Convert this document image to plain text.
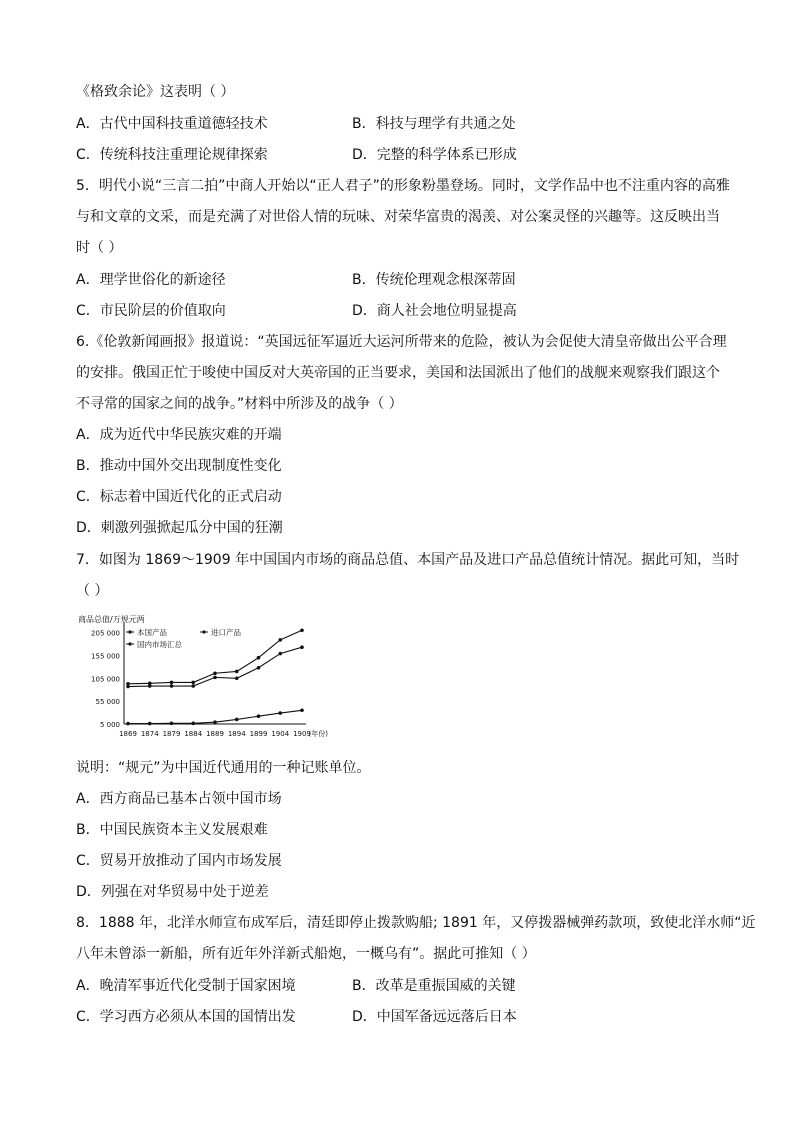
《格致余论》这表明（ ）
A．古代中国科技重道德轻技术	B．科技与理学有共通之处
C．传统科技注重理论规律探索	D．完整的科学体系已形成
5．明代小说“三言二拍”中商人开始以“正人君子”的形象粉墨登场。同时，文学作品中也不注重内容的高雅
与和文章的文采，而是充满了对世俗人情的玩味、对荣华富贵的渴羡、对公案灵怪的兴趣等。这反映出当
时（ ）
A．理学世俗化的新途径	B．传统伦理观念根深蒂固
C．市民阶层的价值取向	D．商人社会地位明显提高
6.《伦敦新闻画报》报道说：“英国远征军逼近大运河所带来的危险，被认为会促使大清皇帝做出公平合理
的安排。俄国正忙于唆使中国反对大英帝国的正当要求，美国和法国派出了他们的战舰来观察我们跟这个
不寻常的国家之间的战争。”材料中所涉及的战争（ ）
A．成为近代中华民族灾难的开端
B．推动中国外交出现制度性变化
C．标志着中国近代化的正式启动
D．刺激列强掀起瓜分中国的狂潮
7．如图为 1869～1909 年中国国内市场的商品总值、本国产品及进口产品总值统计情况。据此可知，当时
（ ）
5 000
55 000
105 000
155 000
205 000
1869 1874 1879 1884 1889 1894 1899 1904 1909
(年份)
本国产品	进口产品
国内市场汇总
商品总值/万规元两
说明：“规元”为中国近代通用的一种记账单位。
A．西方商品已基本占领中国市场
B．中国民族资本主义发展艰难
C．贸易开放推动了国内市场发展
D．列强在对华贸易中处于逆差
8．1888 年，北洋水师宣布成军后，清廷即停止拨款购船; 1891 年，又停拨器械弹药款项，致使北洋水师“近
八年未曾添一新船，所有近年外洋新式船炮，一概乌有”。据此可推知（ ）
A．晚清军事近代化受制于国家困境	B．改革是重振国威的关键
C．学习西方必须从本国的国情出发	D．中国军备远远落后日本
